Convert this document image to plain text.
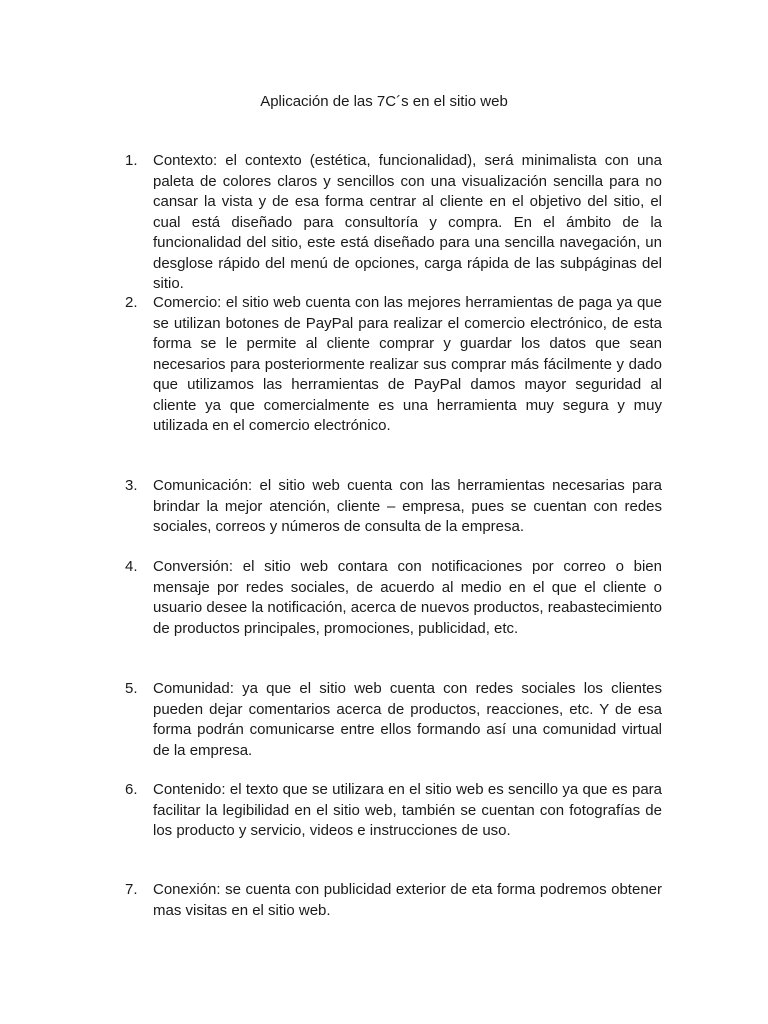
Aplicación de las 7C´s en el sitio web
1. Contexto: el contexto (estética, funcionalidad), será minimalista con una paleta de colores claros y sencillos con una visualización sencilla para no cansar la vista y de esa forma centrar al cliente en el objetivo del sitio, el cual está diseñado para consultoría y compra. En el ámbito de la funcionalidad del sitio, este está diseñado para una sencilla navegación, un desglose rápido del menú de opciones, carga rápida de las subpáginas del sitio.
2. Comercio: el sitio web cuenta con las mejores herramientas de paga ya que se utilizan botones de PayPal para realizar el comercio electrónico, de esta forma se le permite al cliente comprar y guardar los datos que sean necesarios para posteriormente realizar sus comprar más fácilmente y dado que utilizamos las herramientas de PayPal damos mayor seguridad al cliente ya que comercialmente es una herramienta muy segura y muy utilizada en el comercio electrónico.
3. Comunicación: el sitio web cuenta con las herramientas necesarias para brindar la mejor atención, cliente – empresa, pues se cuentan con redes sociales, correos y números de consulta de la empresa.
4. Conversión: el sitio web contara con notificaciones por correo o bien mensaje por redes sociales, de acuerdo al medio en el que el cliente o usuario desee la notificación, acerca de nuevos productos, reabastecimiento de productos principales, promociones, publicidad, etc.
5. Comunidad: ya que el sitio web cuenta con redes sociales los clientes pueden dejar comentarios acerca de productos, reacciones, etc. Y de esa forma podrán comunicarse entre ellos formando así una comunidad virtual de la empresa.
6. Contenido: el texto que se utilizara en el sitio web es sencillo ya que es para facilitar la legibilidad en el sitio web, también se cuentan con fotografías de los producto y servicio, videos e instrucciones de uso.
7. Conexión: se cuenta con publicidad exterior de eta forma podremos obtener mas visitas en el sitio web.
